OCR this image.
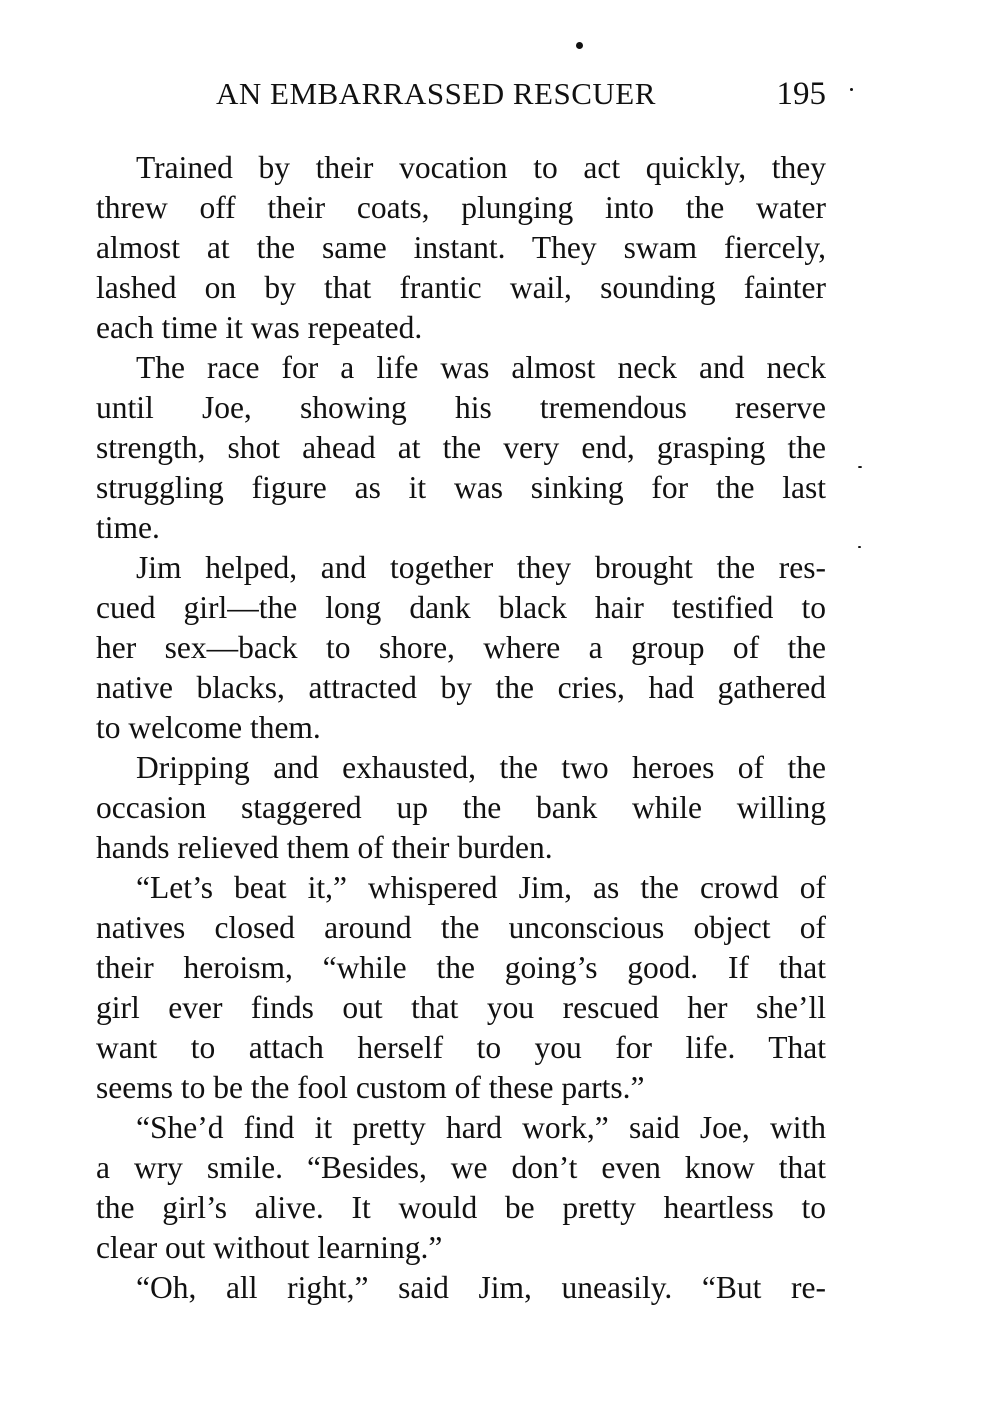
AN EMBARRASSED RESCUER	195

Trained by their vocation to act quickly, they
threw off their coats, plunging into the water
almost at the same instant. They swam fiercely,
lashed on by that frantic wail, sounding fainter
each time it was repeated.

The race for a life was almost neck and neck
until Joe, showing his tremendous reserve
strength, shot ahead at the very end, grasping the
struggling figure as it was sinking for the last
time.

Jim helped, and together they brought the res-
cued girl—the long dank black hair testified to
her sex—back to shore, where a group of the
native blacks, attracted by the cries, had gathered
to welcome them.

Dripping and exhausted, the two heroes of the
occasion staggered up the bank while willing
hands relieved them of their burden.

“Let’s beat it,” whispered Jim, as the crowd of
natives closed around the unconscious object of
their heroism, “while the going’s good. If that
girl ever finds out that you rescued her she’ll
want to attach herself to you for life. That
seems to be the fool custom of these parts.”

“She’d find it pretty hard work,” said Joe, with
a wry smile. “Besides, we don’t even know that
the girl’s alive. It would be pretty heartless to
clear out without learning.”

“Oh, all right,” said Jim, uneasily. “But re-
